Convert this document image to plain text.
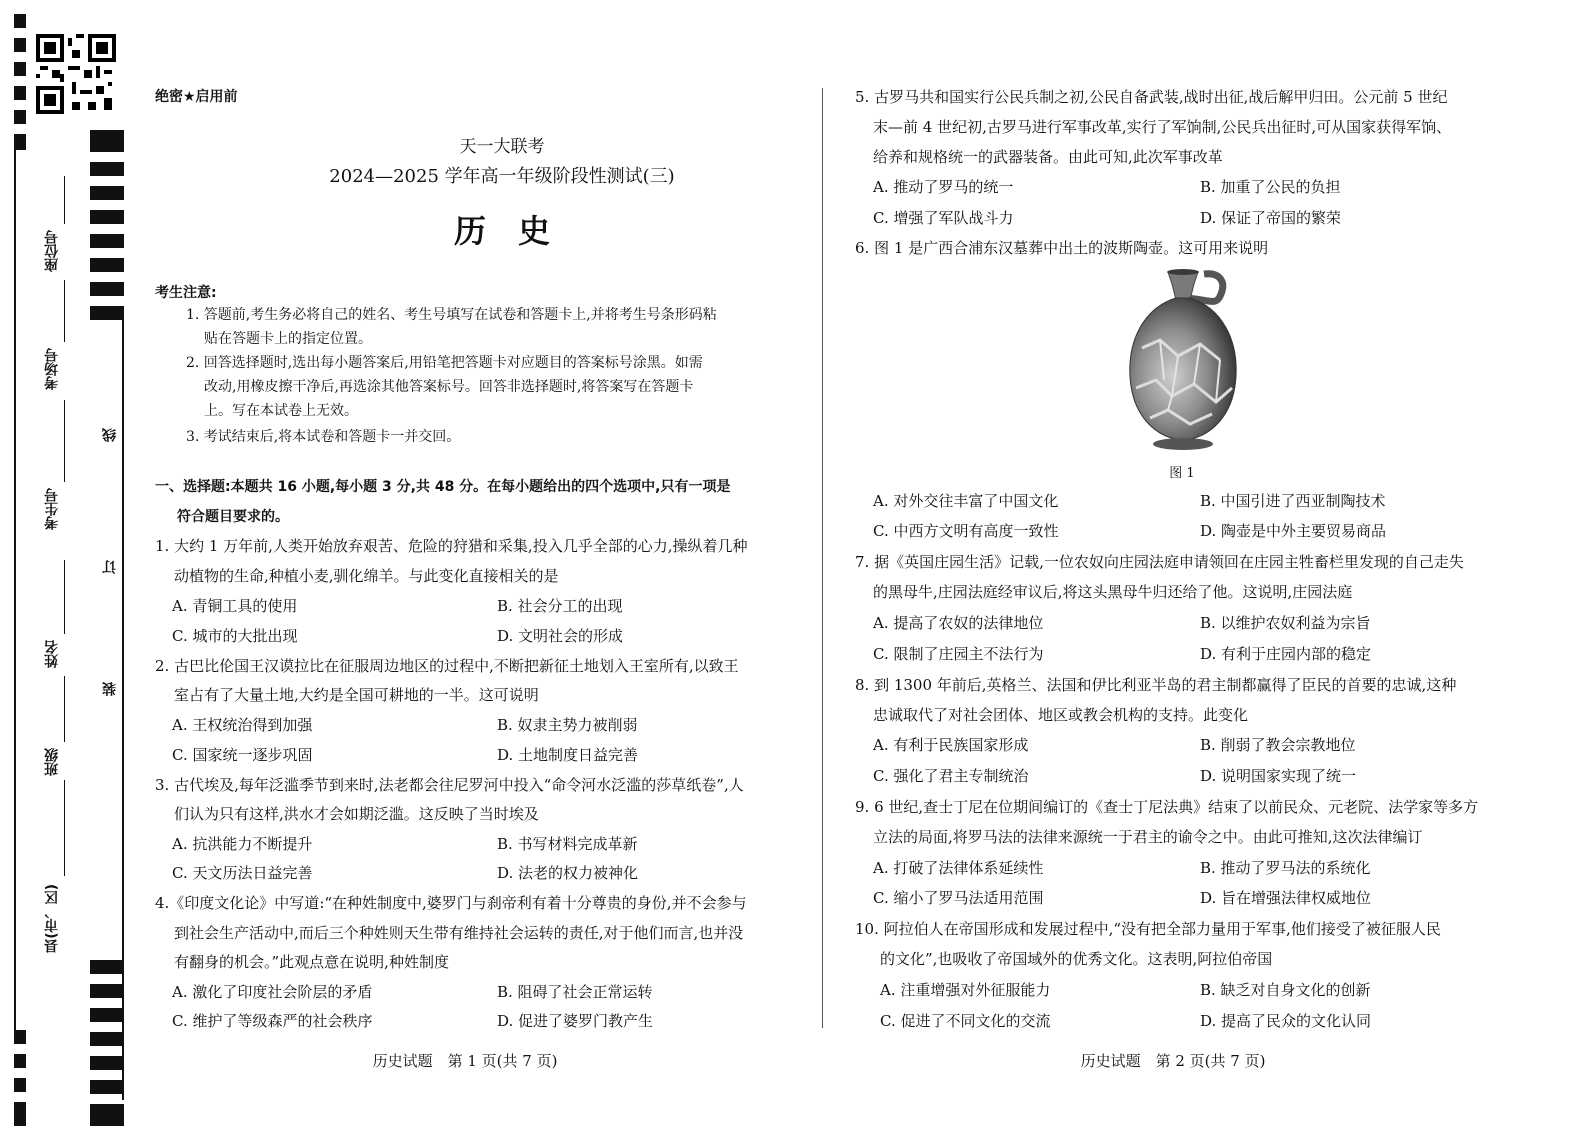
县(市、区)
班级
姓名
考生号
考场号
座位号
装
订
线
绝密★启用前
天一大联考
2024—2025 学年高一年级阶段性测试(三)
历　史
考生注意:
1. 答题前,考生务必将自己的姓名、考生号填写在试卷和答题卡上,并将考生号条形码粘
贴在答题卡上的指定位置。
2. 回答选择题时,选出每小题答案后,用铅笔把答题卡对应题目的答案标号涂黑。如需
改动,用橡皮擦干净后,再选涂其他答案标号。回答非选择题时,将答案写在答题卡
上。写在本试卷上无效。
3. 考试结束后,将本试卷和答题卡一并交回。
一、选择题:本题共 16 小题,每小题 3 分,共 48 分。在每小题给出的四个选项中,只有一项是
符合题目要求的。
1. 大约 1 万年前,人类开始放弃艰苦、危险的狩猎和采集,投入几乎全部的心力,操纵着几种
动植物的生命,种植小麦,驯化绵羊。与此变化直接相关的是
A. 青铜工具的使用	B. 社会分工的出现
C. 城市的大批出现	D. 文明社会的形成
2. 古巴比伦国王汉谟拉比在征服周边地区的过程中,不断把新征土地划入王室所有,以致王
室占有了大量土地,大约是全国可耕地的一半。这可说明
A. 王权统治得到加强	B. 奴隶主势力被削弱
C. 国家统一逐步巩固	D. 土地制度日益完善
3. 古代埃及,每年泛滥季节到来时,法老都会往尼罗河中投入“命令河水泛滥的莎草纸卷”,人
们认为只有这样,洪水才会如期泛滥。这反映了当时埃及
A. 抗洪能力不断提升	B. 书写材料完成革新
C. 天文历法日益完善	D. 法老的权力被神化
4.《印度文化论》中写道:“在种姓制度中,婆罗门与刹帝利有着十分尊贵的身份,并不会参与
到社会生产活动中,而后三个种姓则天生带有维持社会运转的责任,对于他们而言,也并没
有翻身的机会。”此观点意在说明,种姓制度
A. 激化了印度社会阶层的矛盾	B. 阻碍了社会正常运转
C. 维护了等级森严的社会秩序	D. 促进了婆罗门教产生
历史试题　第 1 页(共 7 页)
5. 古罗马共和国实行公民兵制之初,公民自备武装,战时出征,战后解甲归田。公元前 5 世纪
末—前 4 世纪初,古罗马进行军事改革,实行了军饷制,公民兵出征时,可从国家获得军饷、
给养和规格统一的武器装备。由此可知,此次军事改革
A. 推动了罗马的统一	B. 加重了公民的负担
C. 增强了军队战斗力	D. 保证了帝国的繁荣
6. 图 1 是广西合浦东汉墓葬中出土的波斯陶壶。这可用来说明
图 1
A. 对外交往丰富了中国文化	B. 中国引进了西亚制陶技术
C. 中西方文明有高度一致性	D. 陶壶是中外主要贸易商品
7. 据《英国庄园生活》记载,一位农奴向庄园法庭申请领回在庄园主牲畜栏里发现的自己走失
的黑母牛,庄园法庭经审议后,将这头黑母牛归还给了他。这说明,庄园法庭
A. 提高了农奴的法律地位	B. 以维护农奴利益为宗旨
C. 限制了庄园主不法行为	D. 有利于庄园内部的稳定
8. 到 1300 年前后,英格兰、法国和伊比利亚半岛的君主制都赢得了臣民的首要的忠诚,这种
忠诚取代了对社会团体、地区或教会机构的支持。此变化
A. 有利于民族国家形成	B. 削弱了教会宗教地位
C. 强化了君主专制统治	D. 说明国家实现了统一
9. 6 世纪,查士丁尼在位期间编订的《查士丁尼法典》结束了以前民众、元老院、法学家等多方
立法的局面,将罗马法的法律来源统一于君主的谕令之中。由此可推知,这次法律编订
A. 打破了法律体系延续性	B. 推动了罗马法的系统化
C. 缩小了罗马法适用范围	D. 旨在增强法律权威地位
10. 阿拉伯人在帝国形成和发展过程中,“没有把全部力量用于军事,他们接受了被征服人民
的文化”,也吸收了帝国域外的优秀文化。这表明,阿拉伯帝国
A. 注重增强对外征服能力	B. 缺乏对自身文化的创新
C. 促进了不同文化的交流	D. 提高了民众的文化认同
历史试题　第 2 页(共 7 页)
